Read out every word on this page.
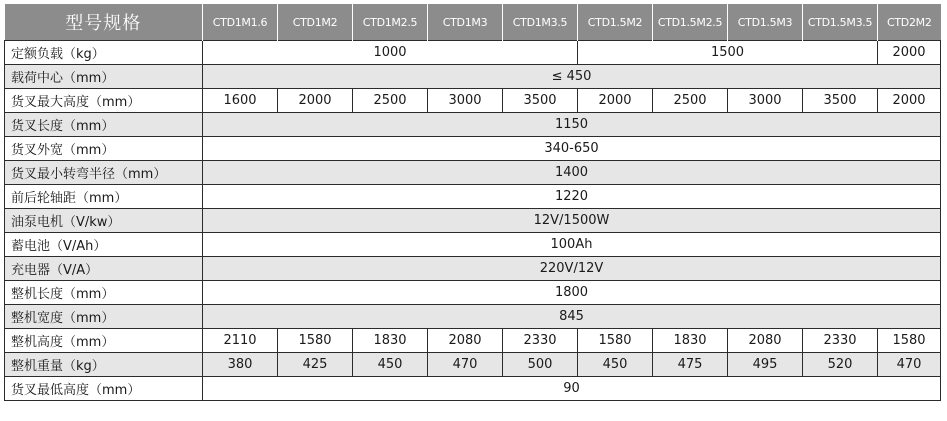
型号规格	CTD1M1.6	CTD1M2	CTD1M2.5	CTD1M3	CTD1M3.5	CTD1.5M2	CTD1.5M2.5	CTD1.5M3	CTD1.5M3.5	CTD2M2
定额负载（kg）	1000					1500				2000
载荷中心（mm）	≤ 450									
货叉最大高度（mm）	1600	2000	2500	3000	3500	2000	2500	3000	3500	2000
货叉长度（mm）	1150									
货叉外宽（mm）	340-650									
货叉最小转弯半径（mm）	1400									
前后轮轴距（mm）	1220									
油泵电机（V/kw）	12V/1500W									
蓄电池（V/Ah）	100Ah									
充电器（V/A）	220V/12V									
整机长度（mm）	1800									
整机宽度（mm）	845									
整机高度（mm）	2110	1580	1830	2080	2330	1580	1830	2080	2330	1580
整机重量（kg）	380	425	450	470	500	450	475	495	520	470
货叉最低高度（mm）	90									
